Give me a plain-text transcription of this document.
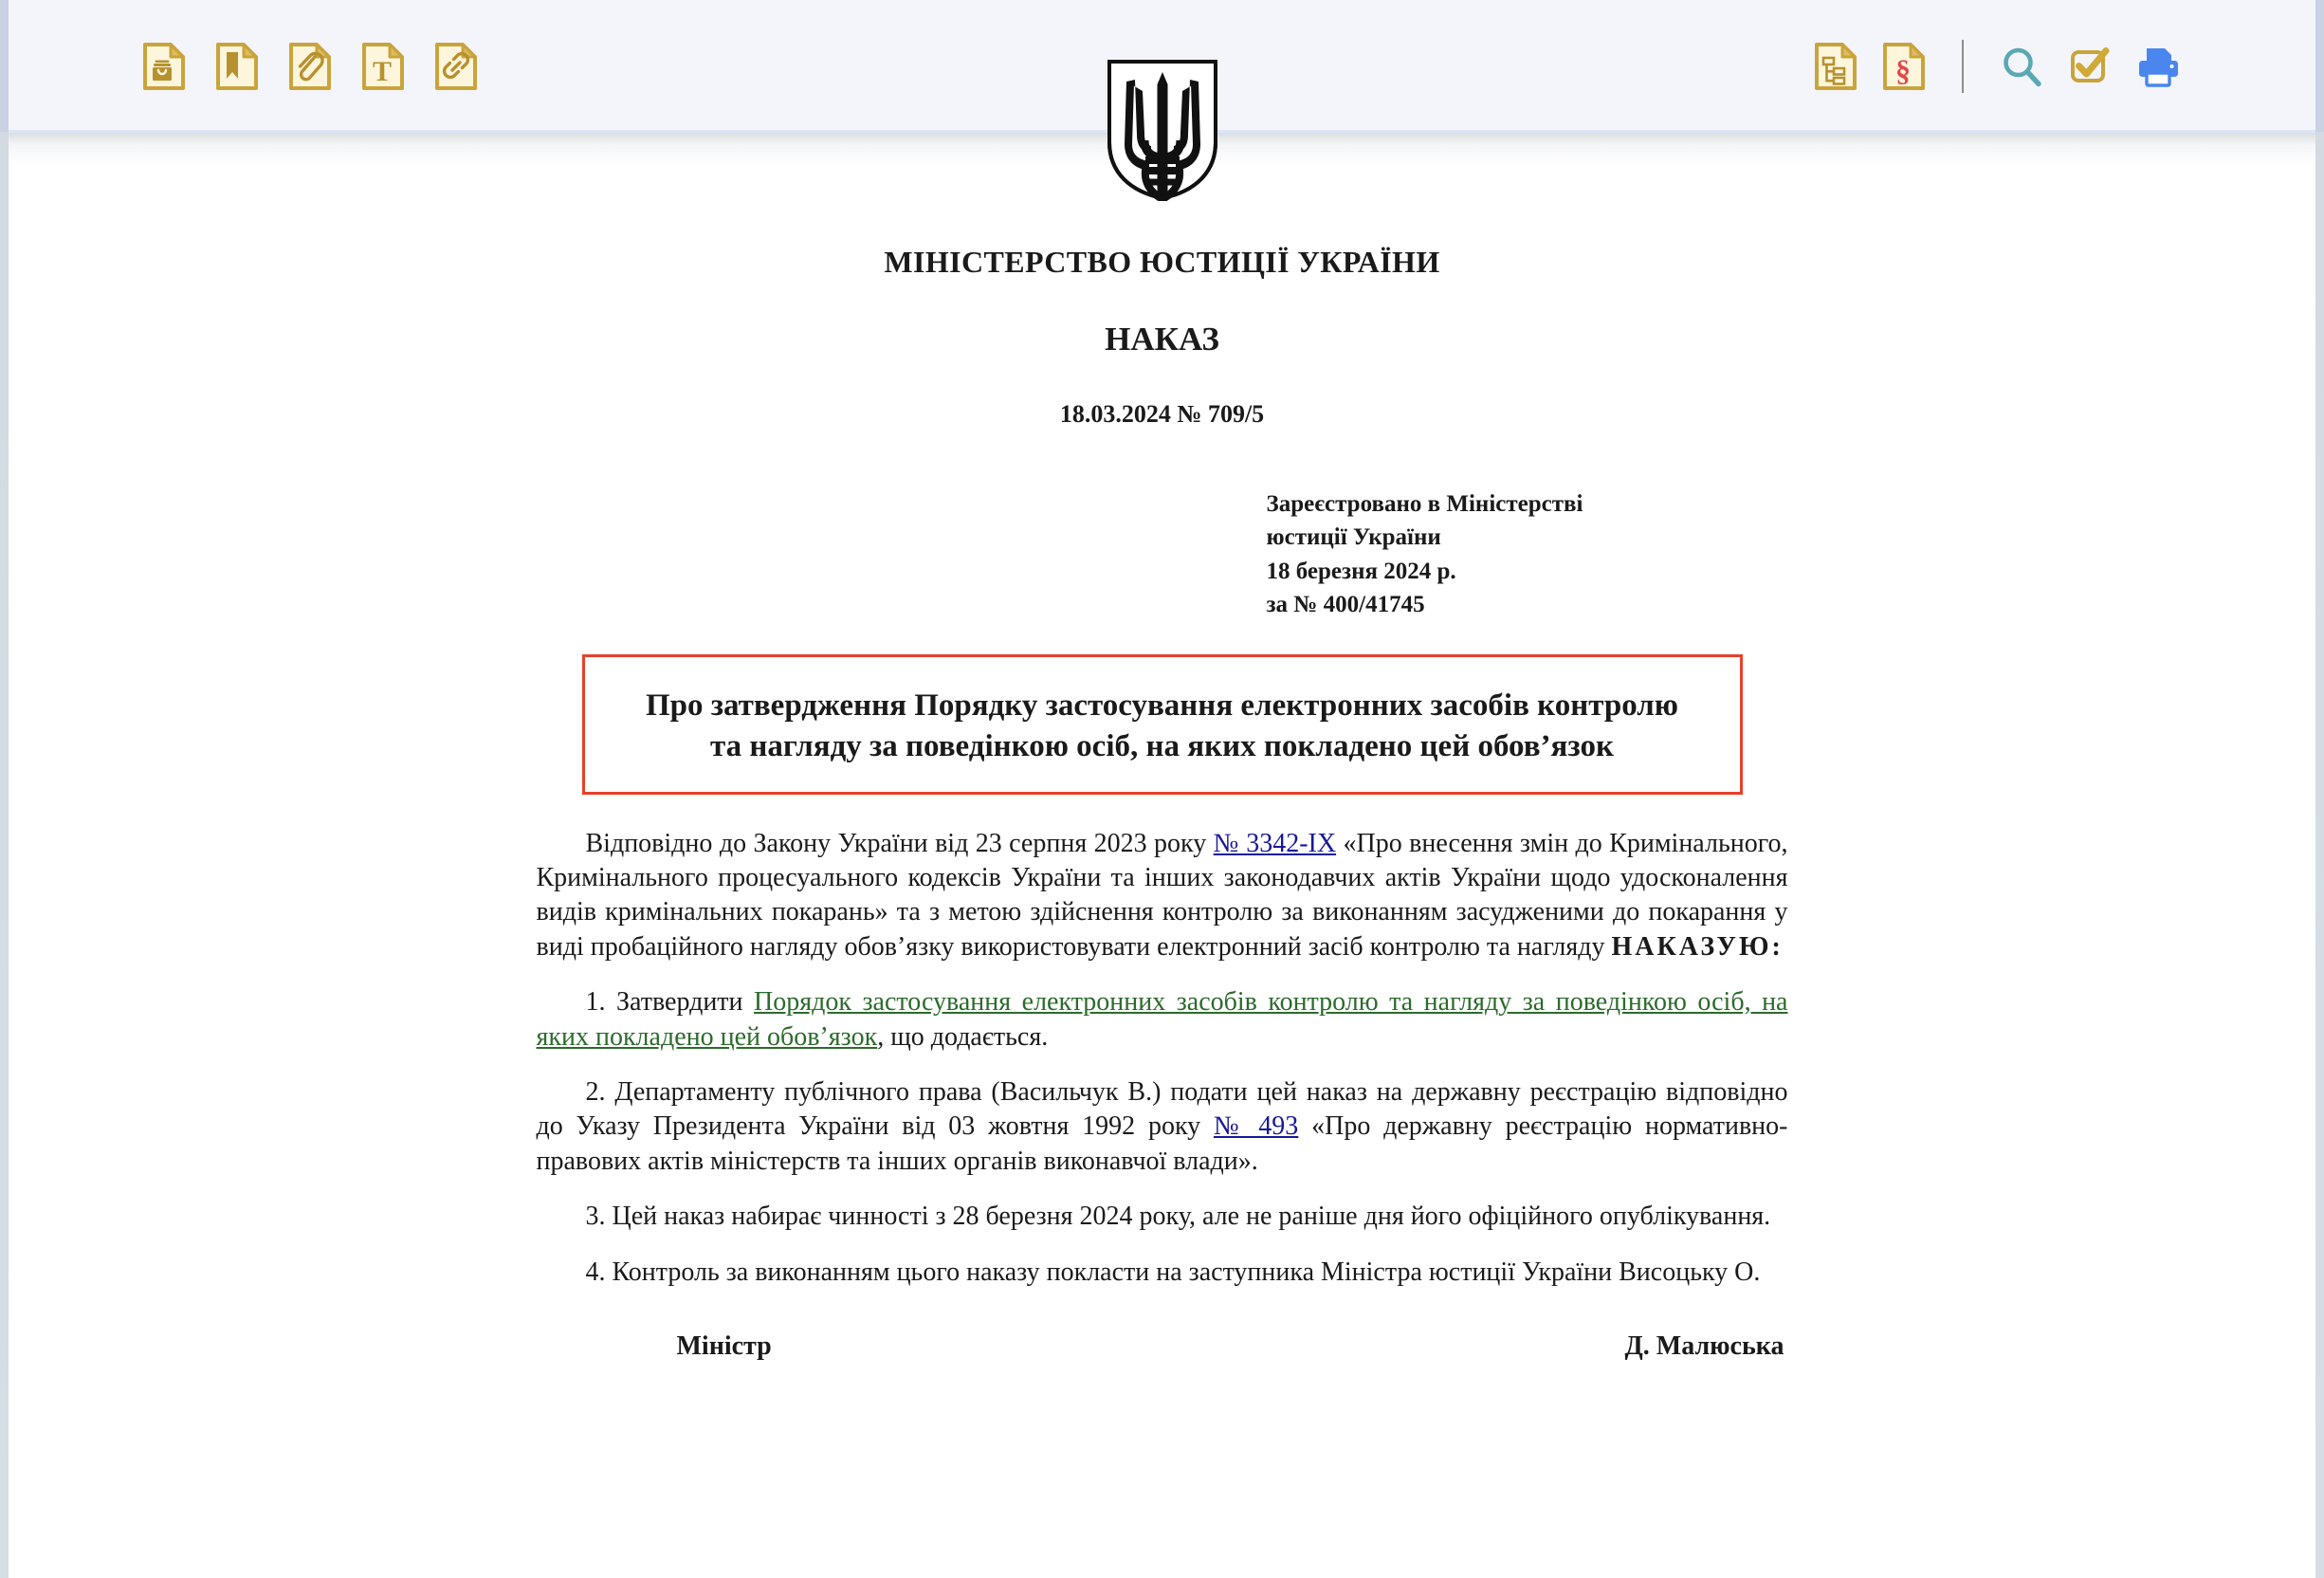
T	§
МІНІСТЕРСТВО ЮСТИЦІЇ УКРАЇНИ
НАКАЗ
18.03.2024 № 709/5
Зареєстровано в Міністерстві
юстиції України
18 березня 2024 р.
за № 400/41745
Про затвердження Порядку застосування електронних засобів контролю та нагляду за поведінкою осіб, на яких покладено цей обов’язок

Відповідно до Закону України від 23 серпня 2023 року № 3342-IX «Про внесення змін до Кримінального, Кримінального процесуального кодексів України та інших законодавчих актів України щодо удосконалення видів кримінальних покарань» та з метою здійснення контролю за виконанням засудженими до покарання у виді пробаційного нагляду обов’язку використовувати електронний засіб контролю та нагляду НАКАЗУЮ:

1. Затвердити Порядок застосування електронних засобів контролю та нагляду за поведінкою осіб, на яких покладено цей обов’язок, що додається.

2. Департаменту публічного права (Васильчук В.) подати цей наказ на державну реєстрацію відповідно до Указу Президента України від 03 жовтня 1992 року № 493 «Про державну реєстрацію нормативно-правових актів міністерств та інших органів виконавчої влади».

3. Цей наказ набирає чинності з 28 березня 2024 року, але не раніше дня його офіційного опублікування.

4. Контроль за виконанням цього наказу покласти на заступника Міністра юстиції України Висоцьку О.

Міністр	Д. Малюська
